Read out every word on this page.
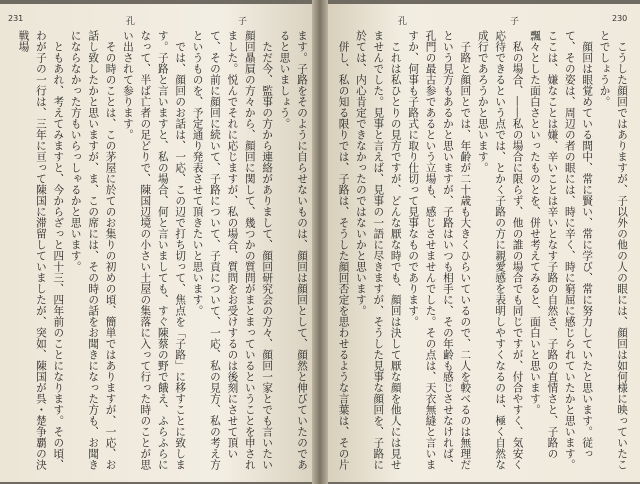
231	孔	子

ます。子路をそのように自らせないものは、顔回は顔回として、顔然と伸びていたのであると思いましょう。

ただ今、監事の方から連絡がありまして、顔回研究会の方々、顔回一家とでも言いたい顔回贔屓の方々から、顔回に関して、幾つかの質問がまとまっているということを申されました。悦んでそれに応じますが、私の場合、質問をお受けするのは後刻にさせて頂いて、その前に顔回に続いて、子路について、子貢について、一応、私の見方、私の考え方というものを、予定通り発表させて頂きたいと思います。

では、顔回のお話は、一応、この辺で打ち切って、焦点を「子路」に移すことに致します。子路と言いますと、私の場合、何と言いましても、すぐ陳蔡の野で餓え、ふらふらになって、半ば亡者の足どりで、陳国辺境の小さい土屋の集落に入って行った時のことが思い出されて参ります。

その時のことは、この茅屋に於てのお集りの初めの頃、簡単ではありますが、一応、お話し致したかと思いますが、ま、この席には、その時の話をお聞きになった方も、お聞きにならなかった方もいらっしゃるかと思います。

ともあれ、考えてみますと、今からざっと四十三、四年前のことになります。その頃、わが子の一行は、三年に亘って陳国に滞留していましたが、突如、陳国が呉・楚争覇の決戦場

孔	子	230

こうした顔回ではありますが、子以外の他の人の眼には、顔回は如何様に映っていたことでしょうか。

顔回は眼覚めている間中、常に賢い、常に学び、常に努力していたと思います。従って、その姿は、周辺の者の眼には、時に辛く、時に窮屈に感じられていたかと思います。ここは、嫌なことは嫌、辛いことは辛いとなす子路の自然さ、子路の直情さと、子路の飄々とした面白さといったものとを、併せ考えてみると、面白いと思います。

私の場合、――私の場合に限らず、他の誰の場合でも同じですが、付合やすく、気安く応待できるという点では、とかく子路の方に親愛感を表明しやすくなるのは、極く自然な成行であろうかと思います。

子路と顔回とでは、年齢が二十歳も大きくひらいているので、二人を較べるのは無理だという見方もあるかと思いますが、子路はいつも相手に、その年齢も感じさせなければ、孔門の最古参であるという立場も、感じさせませんでした。その点は、天衣無縫と言いますか、何事も子路式に取り仕切って見事なものであります。

これは私ひとりの見方ですが、どんな厭な時でも、顔回は決して厭な顔を他人には見せませんでした。見事と言えば、見事の一語に尽きますが、そうした見事な顔回を、子路に於ては、内心肯定できなかったのではないかと思います。

併し、私の知る限りでは、子路は、そうした顔回否定を思わせるような言葉は、その片
